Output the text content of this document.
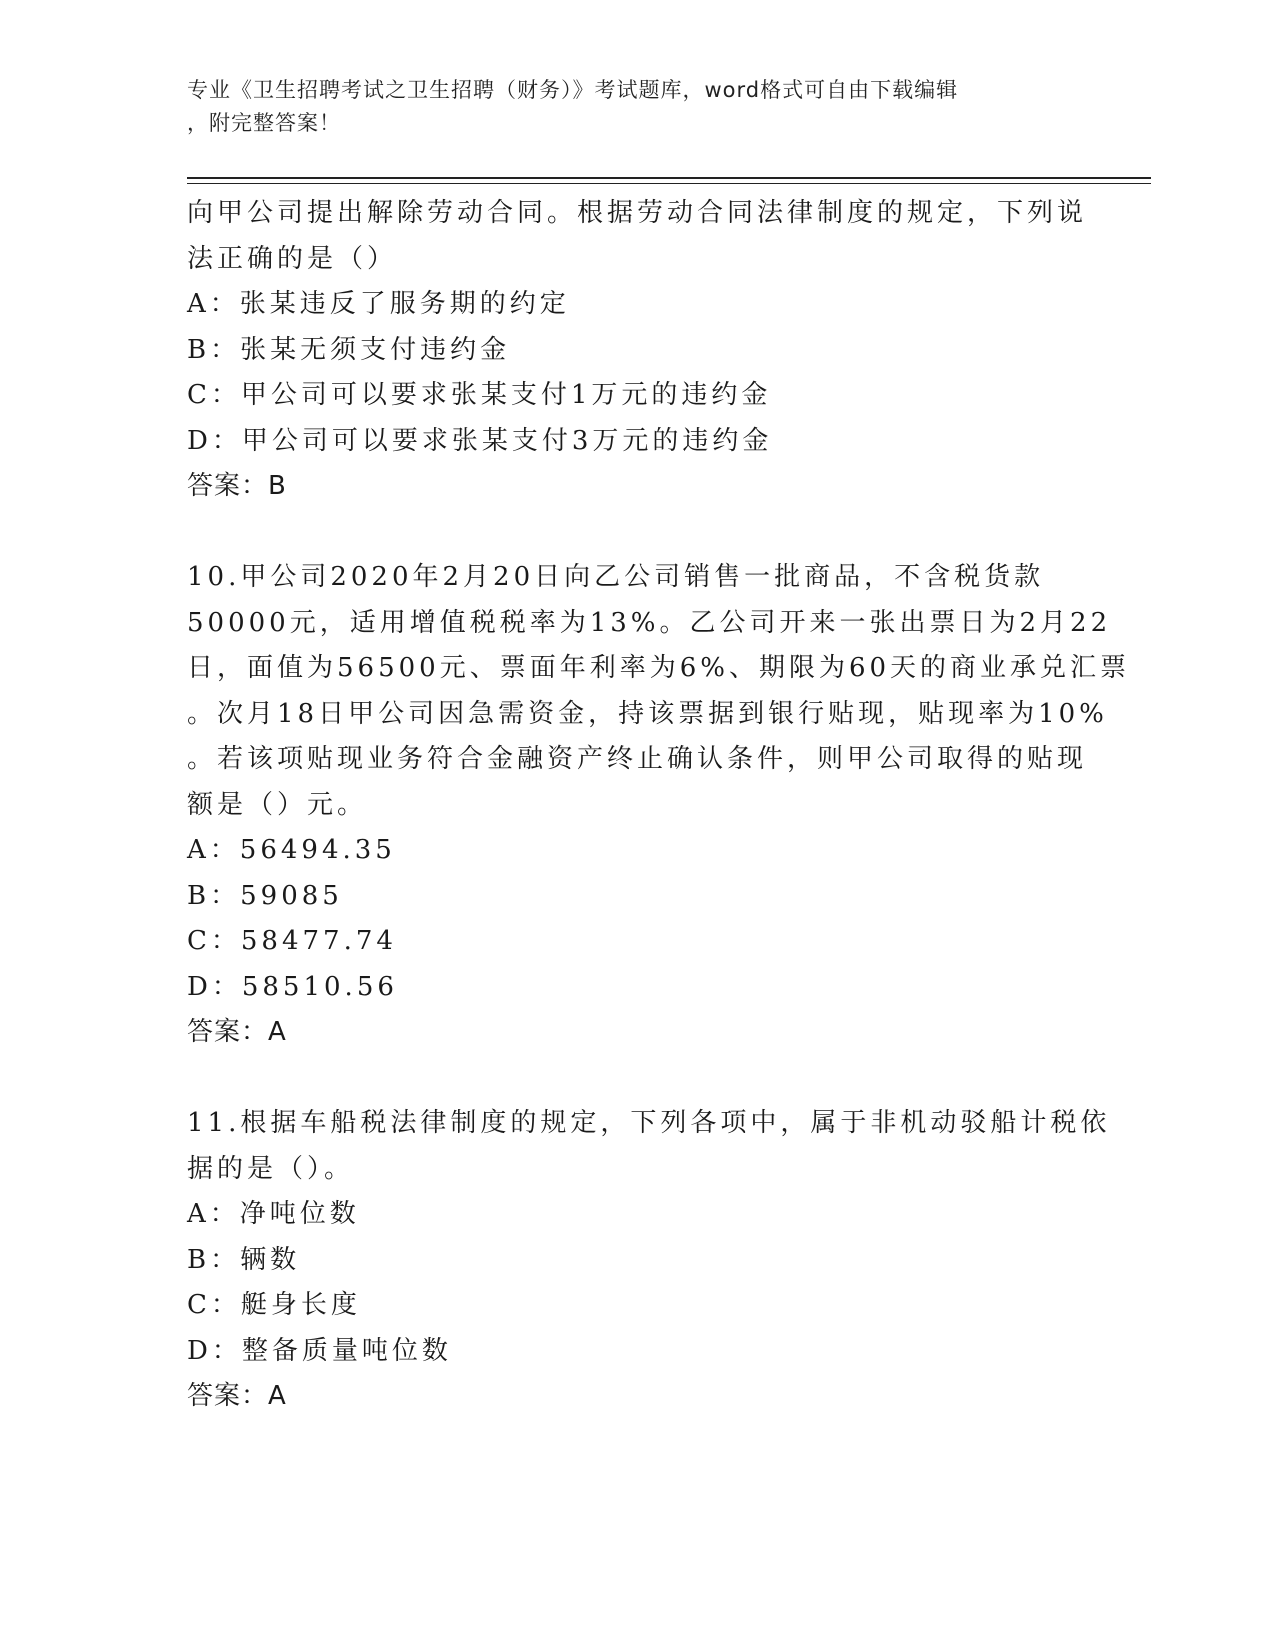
专业《卫生招聘考试之卫生招聘（财务）》考试题库，word格式可自由下载编辑
，附完整答案！
向甲公司提出解除劳动合同。根据劳动合同法律制度的规定，下列说
法正确的是（）
A：张某违反了服务期的约定
B：张某无须支付违约金
C：甲公司可以要求张某支付1万元的违约金
D：甲公司可以要求张某支付3万元的违约金
答案：B
10.甲公司2020年2月20日向乙公司销售一批商品，不含税货款
50000元，适用增值税税率为13%。乙公司开来一张出票日为2月22
日，面值为56500元、票面年利率为6%、期限为60天的商业承兑汇票
。次月18日甲公司因急需资金，持该票据到银行贴现，贴现率为10%
。若该项贴现业务符合金融资产终止确认条件，则甲公司取得的贴现
额是（）元。
A：56494.35
B：59085
C：58477.74
D：58510.56
答案：A
11.根据车船税法律制度的规定，下列各项中，属于非机动驳船计税依
据的是（）。
A：净吨位数
B：辆数
C：艇身长度
D：整备质量吨位数
答案：A
